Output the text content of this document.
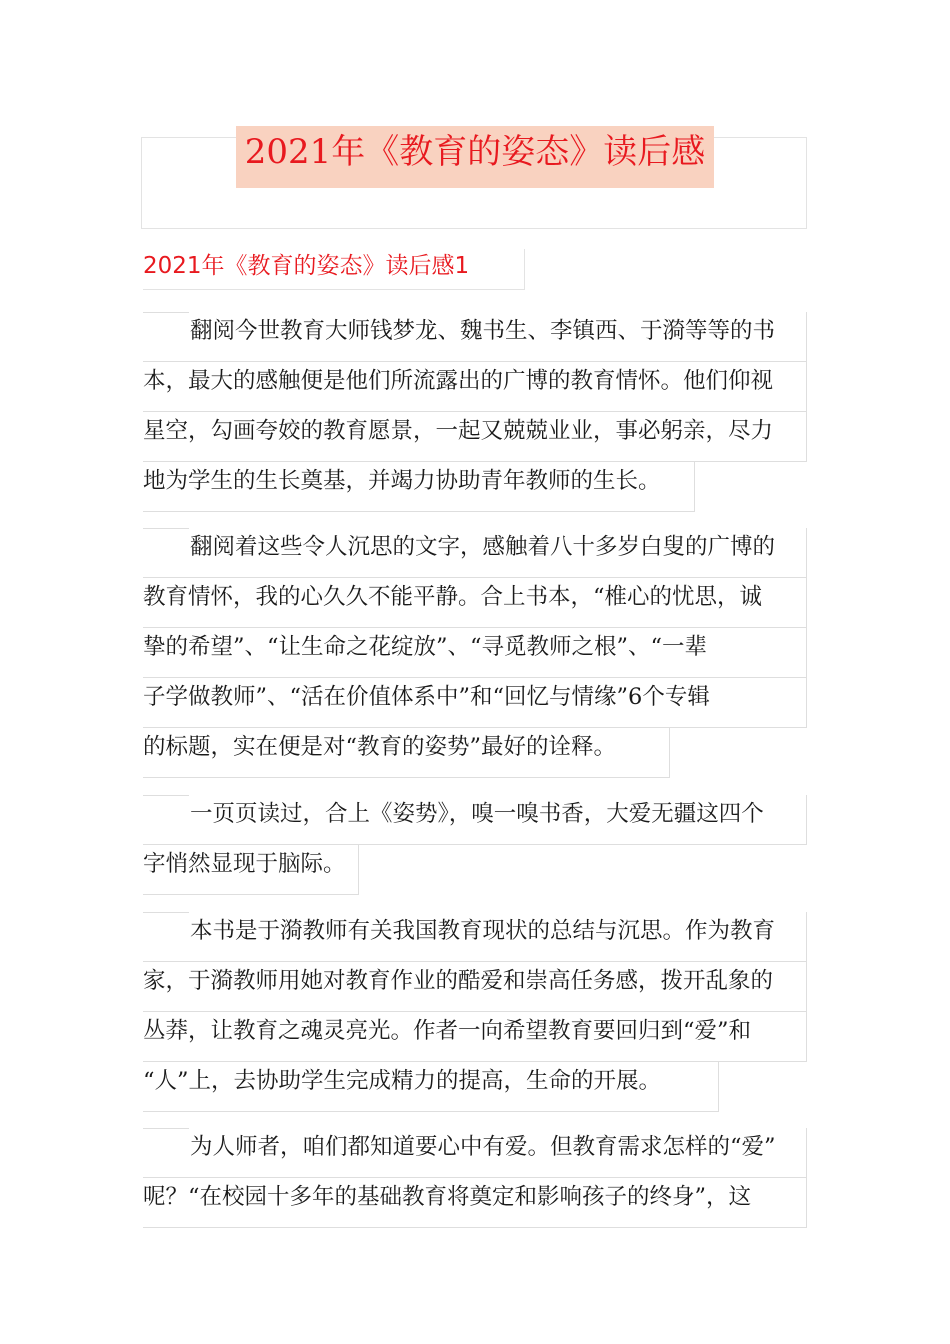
2021年《教育的姿态》读后感
2021年《教育的姿态》读后感1
翻阅今世教育大师钱梦龙、魏书生、李镇西、于漪等等的书
本，最大的感触便是他们所流露出的广博的教育情怀。他们仰视
星空，勾画夸姣的教育愿景，一起又兢兢业业，事必躬亲，尽力
地为学生的生长奠基，并竭力协助青年教师的生长。
翻阅着这些令人沉思的文字，感触着八十多岁白叟的广博的
教育情怀，我的心久久不能平静。合上书本，“椎心的忧思，诚
挚的希望”、“让生命之花绽放”、“寻觅教师之根”、“一辈
子学做教师”、“活在价值体系中”和“回忆与情缘”6个专辑
的标题，实在便是对“教育的姿势”最好的诠释。
一页页读过，合上《姿势》，嗅一嗅书香，大爱无疆这四个
字悄然显现于脑际。
本书是于漪教师有关我国教育现状的总结与沉思。作为教育
家，于漪教师用她对教育作业的酷爱和崇高任务感，拨开乱象的
丛莽，让教育之魂灵亮光。作者一向希望教育要回归到“爱”和
“人”上，去协助学生完成精力的提高，生命的开展。
为人师者，咱们都知道要心中有爱。但教育需求怎样的“爱”
呢？“在校园十多年的基础教育将奠定和影响孩子的终身”，这
